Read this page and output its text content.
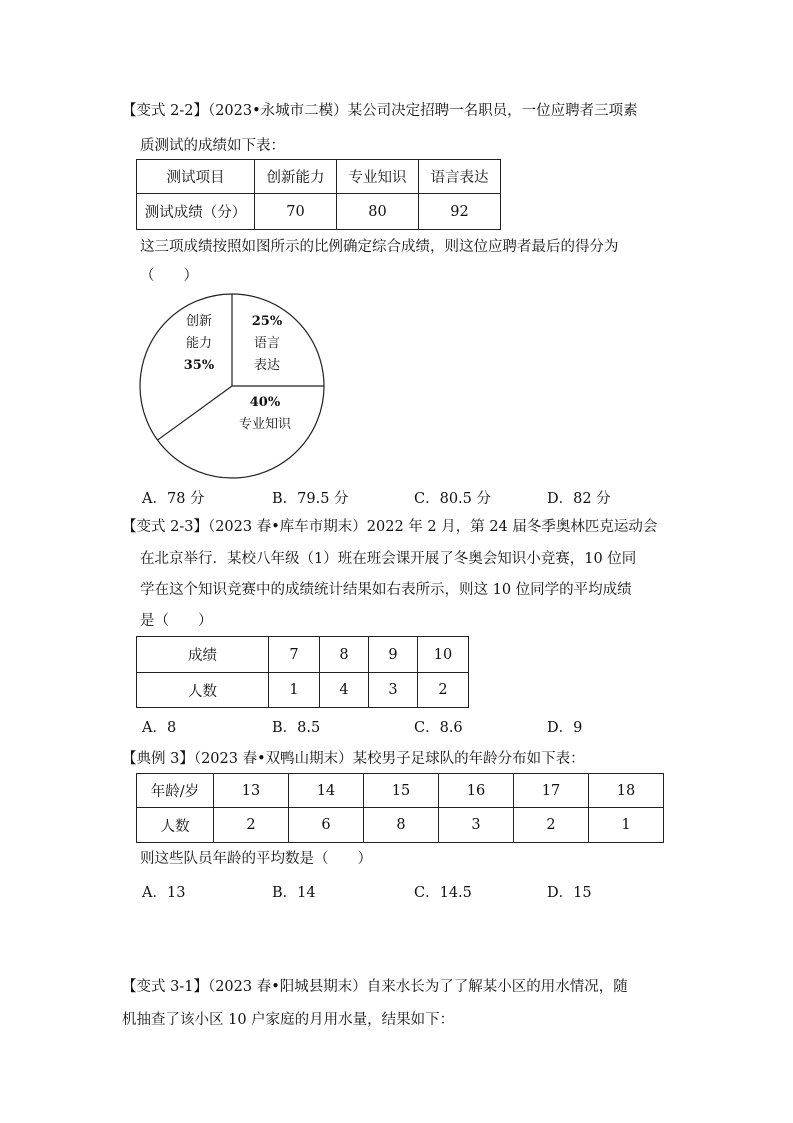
【变式 2-2】（2023•永城市二模）某公司决定招聘一名职员，一位应聘者三项素
质测试的成绩如下表：
测试项目	创新能力	专业知识	语言表达
测试成绩（分）	70	80	92
这三项成绩按照如图所示的比例确定综合成绩，则这位应聘者最后的得分为
（　　）
25%
语言
表达
40%
专业知识
创新
能力
35%
A．78 分	B．79.5 分	C．80.5 分	D．82 分
【变式 2-3】（2023 春•库车市期末）2022 年 2 月，第 24 届冬季奥林匹克运动会
在北京举行．某校八年级（1）班在班会课开展了冬奥会知识小竞赛，10 位同
学在这个知识竞赛中的成绩统计结果如右表所示，则这 10 位同学的平均成绩
是（　　）
成绩	7	8	9	10
人数	1	4	3	2
A．8	B．8.5	C．8.6	D．9
【典例 3】（2023 春•双鸭山期末）某校男子足球队的年龄分布如下表：
年龄/岁	13	14	15	16	17	18
人数	2	6	8	3	2	1
则这些队员年龄的平均数是（　　）
A．13	B．14	C．14.5	D．15
【变式 3-1】（2023 春•阳城县期末）自来水长为了了解某小区的用水情况，随
机抽查了该小区 10 户家庭的月用水量，结果如下：
